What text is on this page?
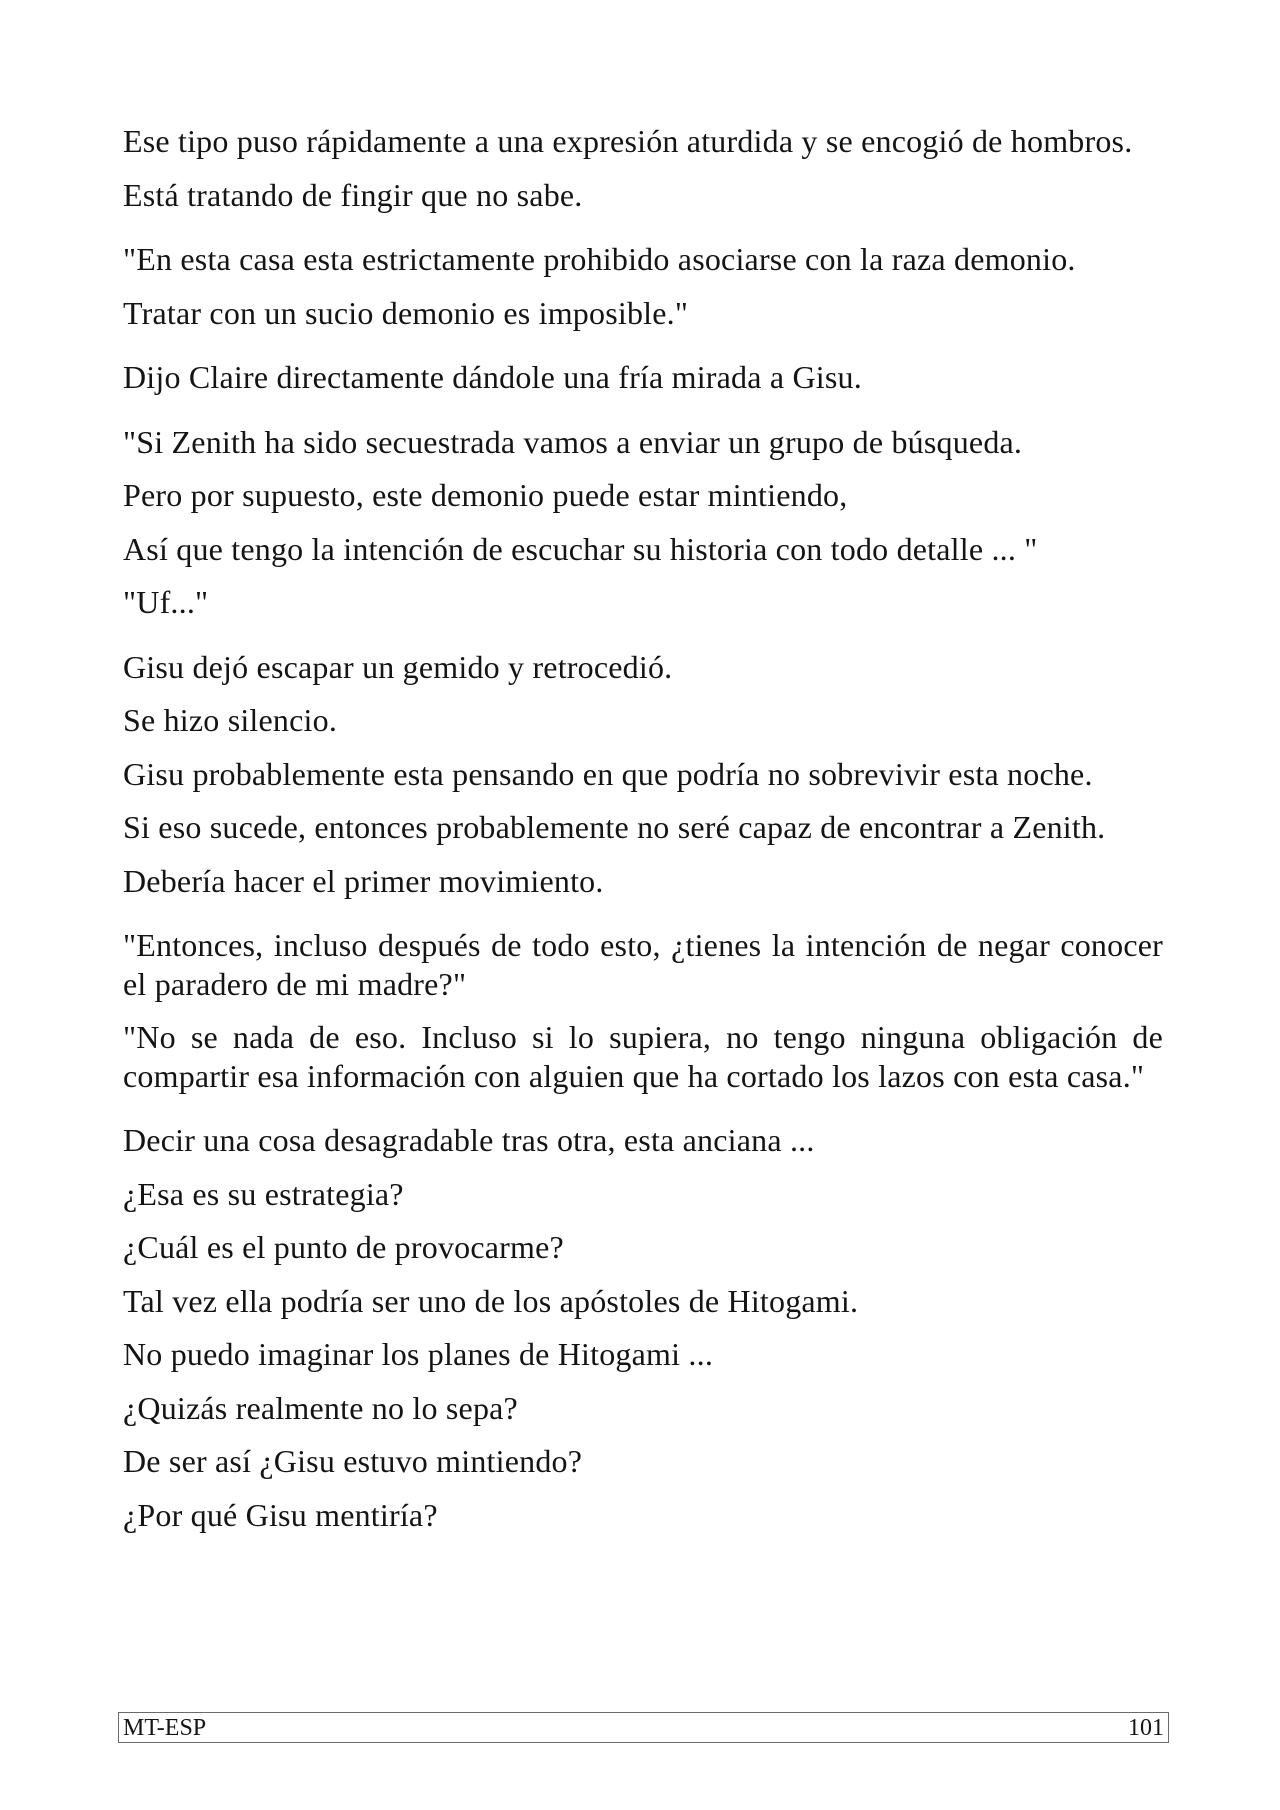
Ese tipo puso rápidamente a una expresión aturdida y se encogió de hombros.

Está tratando de fingir que no sabe.

"En esta casa esta estrictamente prohibido asociarse con la raza demonio.

Tratar con un sucio demonio es imposible."

Dijo Claire directamente dándole una fría mirada a Gisu.

"Si Zenith ha sido secuestrada vamos a enviar un grupo de búsqueda.

Pero por supuesto, este demonio puede estar mintiendo,

Así que tengo la intención de escuchar su historia con todo detalle ... "

"Uf..."

Gisu dejó escapar un gemido y retrocedió.

Se hizo silencio.

Gisu probablemente esta pensando en que podría no sobrevivir esta noche.

Si eso sucede, entonces probablemente no seré capaz de encontrar a Zenith.

Debería hacer el primer movimiento.

"Entonces, incluso después de todo esto, ¿tienes la intención de negar conocer el paradero de mi madre?"

"No se nada de eso. Incluso si lo supiera, no tengo ninguna obligación de compartir esa información con alguien que ha cortado los lazos con esta casa."

Decir una cosa desagradable tras otra, esta anciana ...

¿Esa es su estrategia?

¿Cuál es el punto de provocarme?

Tal vez ella podría ser uno de los apóstoles de Hitogami.

No puedo imaginar los planes de Hitogami ...

¿Quizás realmente no lo sepa?

De ser así ¿Gisu estuvo mintiendo?

¿Por qué Gisu mentiría?

MT-ESP	101
